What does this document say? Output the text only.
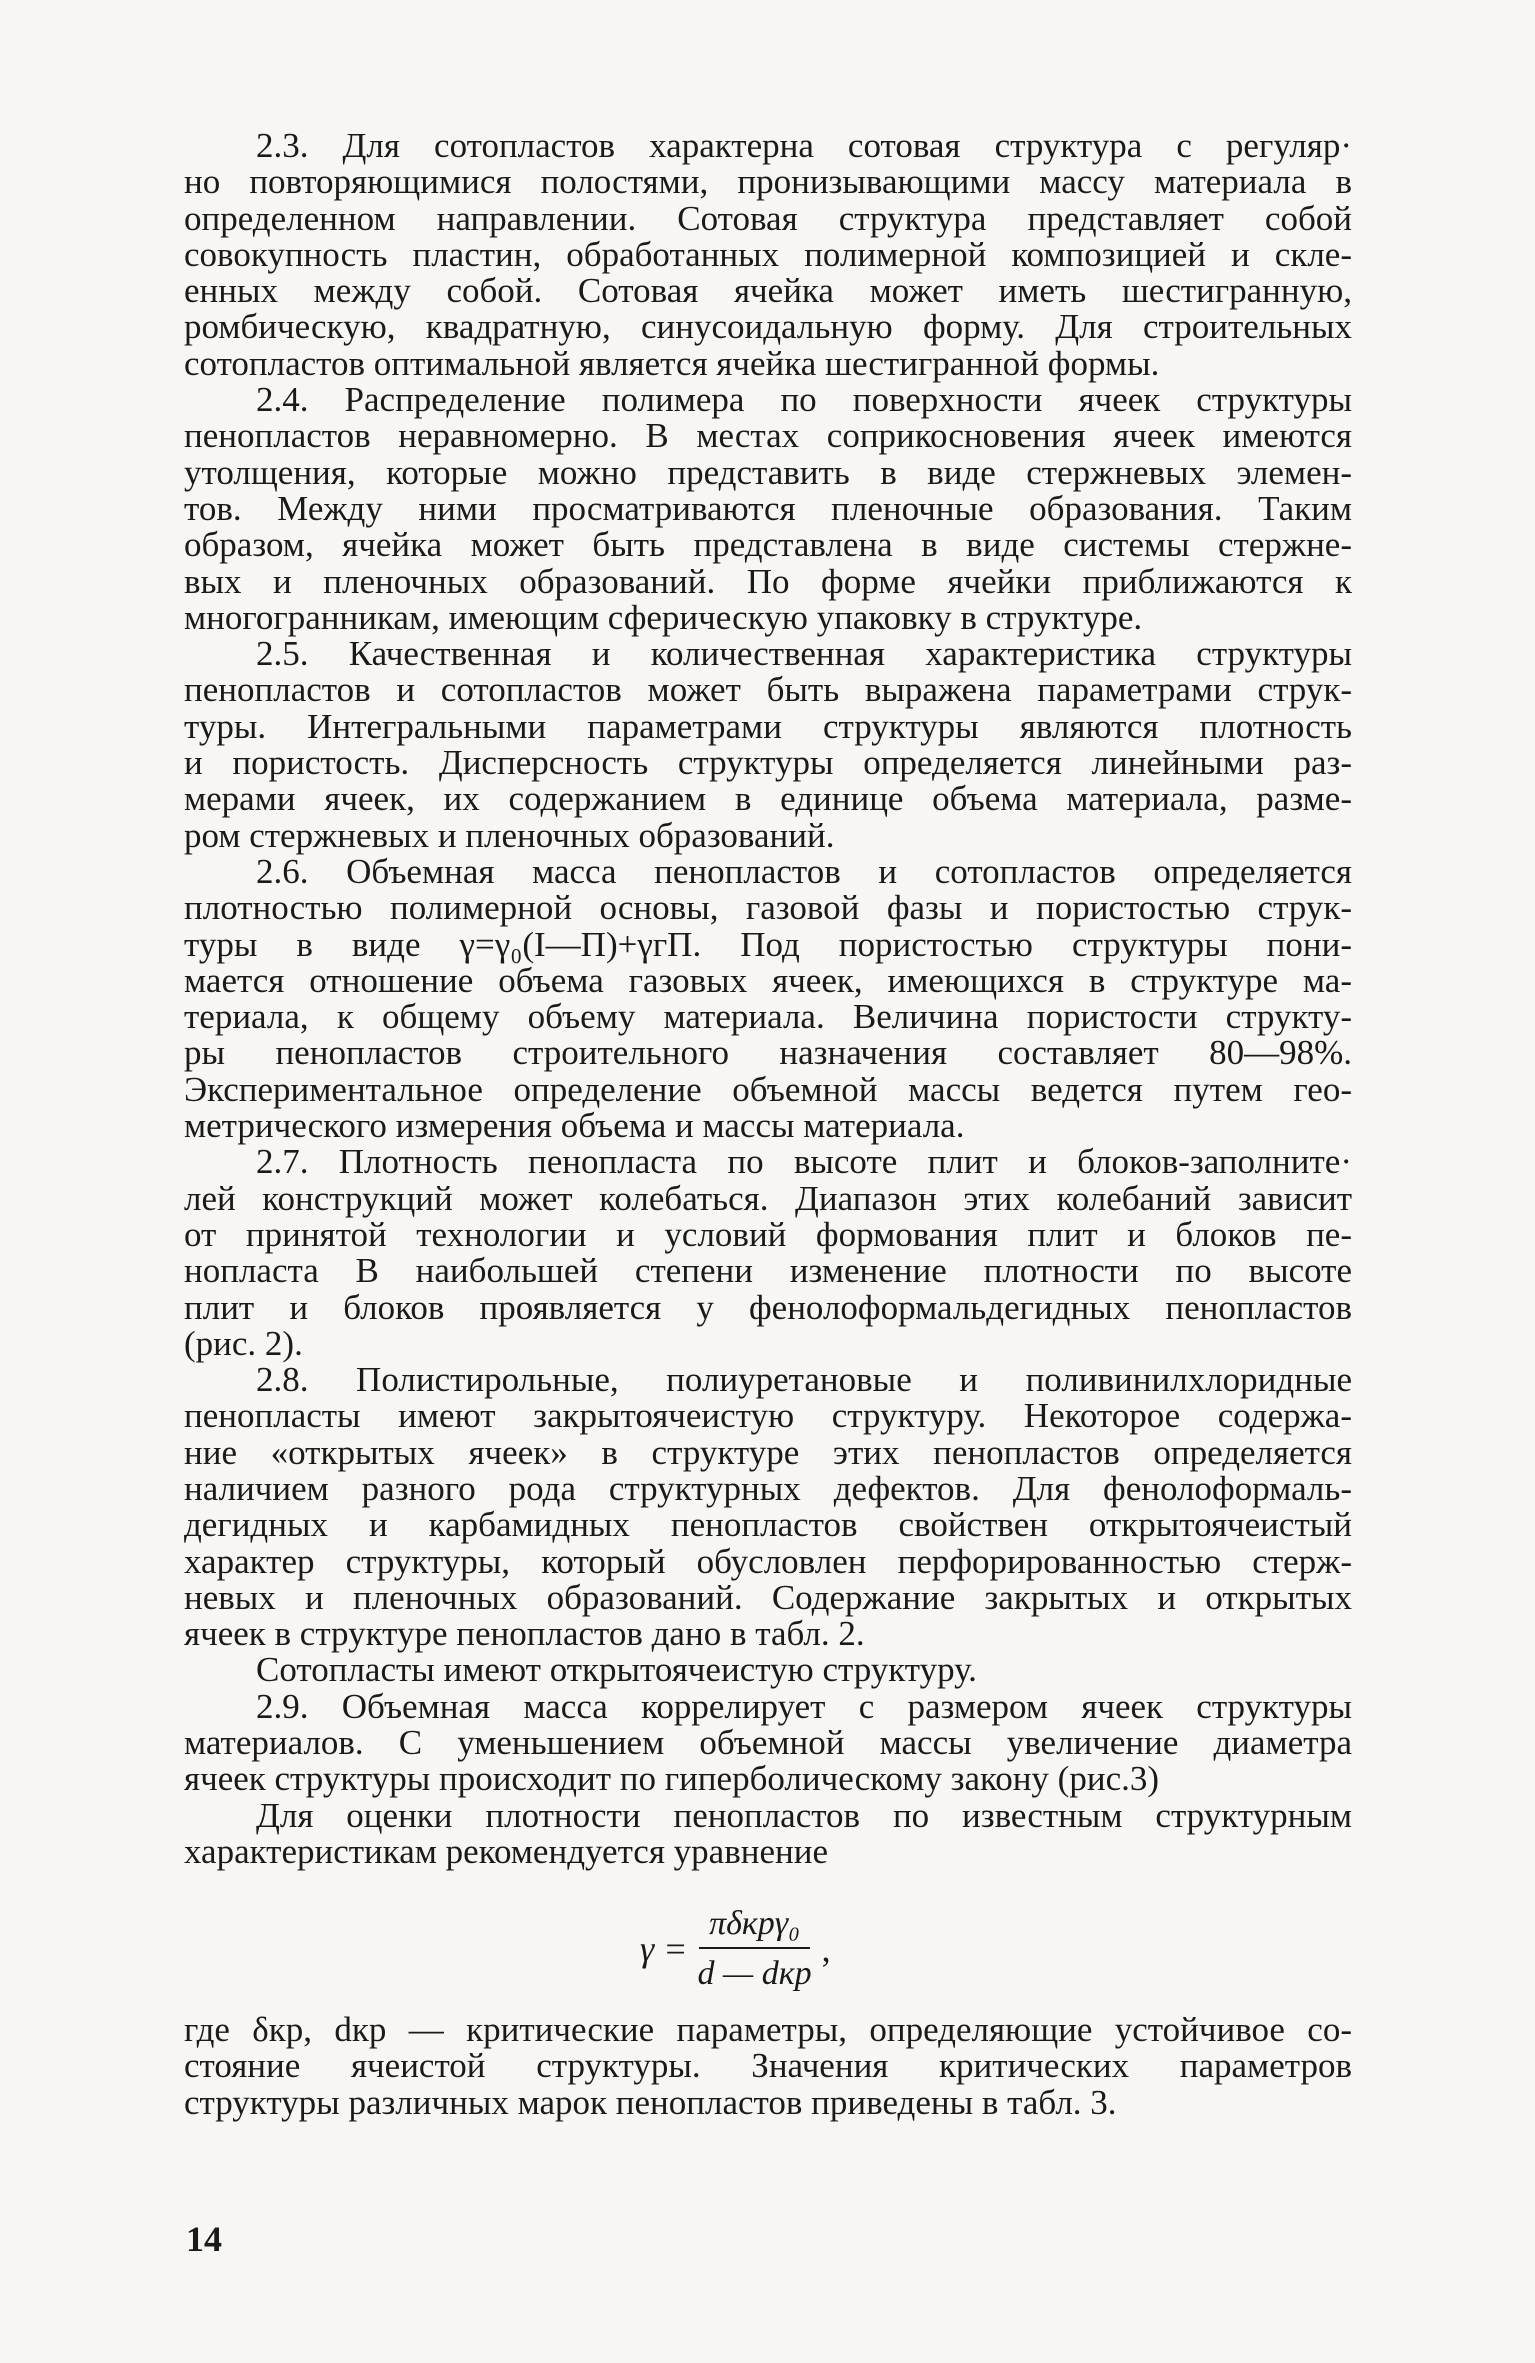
2.3. Для сотопластов характерна сотовая структура с регуляр·
но повторяющимися полостями, пронизывающими массу материала в
определенном направлении. Сотовая структура представляет собой
совокупность пластин, обработанных полимерной композицией и скле-
енных между собой. Сотовая ячейка может иметь шестигранную,
ромбическую, квадратную, синусоидальную форму. Для строительных
сотопластов оптимальной является ячейка шестигранной формы.
2.4. Распределение полимера по поверхности ячеек структуры
пенопластов неравномерно. В местах соприкосновения ячеек имеются
утолщения, которые можно представить в виде стержневых элемен-
тов. Между ними просматриваются пленочные образования. Таким
образом, ячейка может быть представлена в виде системы стержне-
вых и пленочных образований. По форме ячейки приближаются к
многогранникам, имеющим сферическую упаковку в структуре.
2.5. Качественная и количественная характеристика структуры
пенопластов и сотопластов может быть выражена параметрами струк-
туры. Интегральными параметрами структуры являются плотность
и пористость. Дисперсность структуры определяется линейными раз-
мерами ячеек, их содержанием в единице объема материала, разме-
ром стержневых и пленочных образований.
2.6. Объемная масса пенопластов и сотопластов определяется
плотностью полимерной основы, газовой фазы и пористостью струк-
туры в виде γ=γ₀(I—П)+γгП. Под пористостью структуры пони-
мается отношение объема газовых ячеек, имеющихся в структуре ма-
териала, к общему объему материала. Величина пористости структу-
ры пенопластов строительного назначения составляет 80—98%.
Экспериментальное определение объемной массы ведется путем гео-
метрического измерения объема и массы материала.
2.7. Плотность пенопласта по высоте плит и блоков-заполните·
лей конструкций может колебаться. Диапазон этих колебаний зависит
от принятой технологии и условий формования плит и блоков пе-
нопласта В наибольшей степени изменение плотности по высоте
плит и блоков проявляется у фенолоформальдегидных пенопластов
(рис. 2).
2.8. Полистирольные, полиуретановые и поливинилхлоридные
пенопласты имеют закрытоячеистую структуру. Некоторое содержа-
ние «открытых ячеек» в структуре этих пенопластов определяется
наличием разного рода структурных дефектов. Для фенолоформаль-
дегидных и карбамидных пенопластов свойствен открытоячеистый
характер структуры, который обусловлен перфорированностью стерж-
невых и пленочных образований. Содержание закрытых и открытых
ячеек в структуре пенопластов дано в табл. 2.
Сотопласты имеют открытоячеистую структуру.
2.9. Объемная масса коррелирует с размером ячеек структуры
материалов. С уменьшением объемной массы увеличение диаметра
ячеек структуры происходит по гиперболическому закону (рис.3)
Для оценки плотности пенопластов по известным структурным
характеристикам рекомендуется уравнение
$\gamma = \frac{\text{πδкрγ₀}}{\text{d — dкр}}$ ,
где δкр, dкр — критические параметры, определяющие устойчивое со-
стояние ячеистой структуры. Значения критических параметров
структуры различных марок пенопластов приведены в табл. 3.
14
